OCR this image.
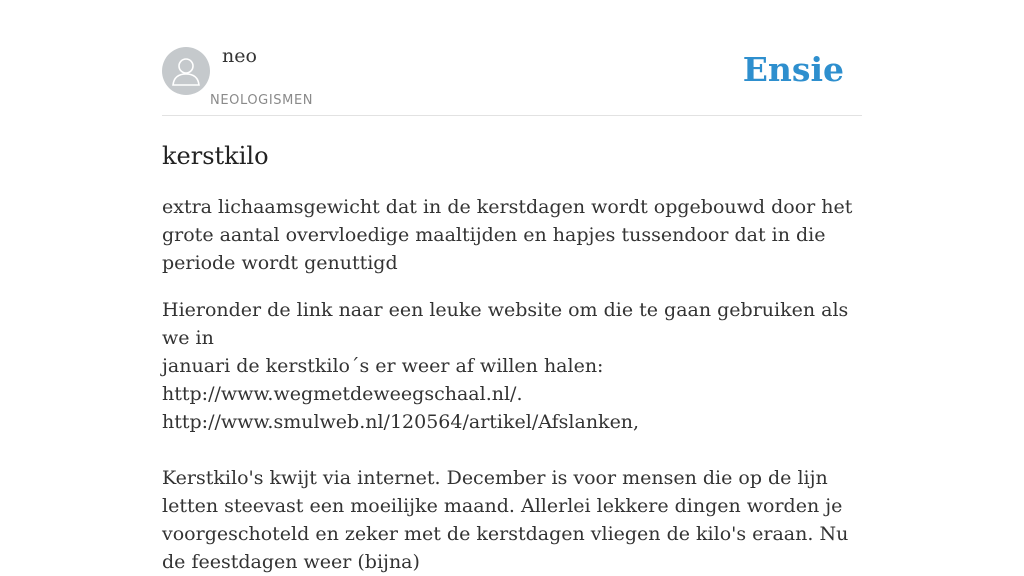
neo
NEOLOGISMEN
Ensie
kerstkilo

extra lichaamsgewicht dat in de kerstdagen wordt opgebouwd door het grote aantal overvloedige maaltijden en hapjes tussendoor dat in die periode wordt genuttigd

Hieronder de link naar een leuke website om die te gaan gebruiken als we in

januari de kerstkilo´s er weer af willen halen:

http://www.wegmetdeweegschaal.nl/.

http://www.smulweb.nl/120564/artikel/Afslanken,

Kerstkilo's kwijt via internet. December is voor mensen die op de lijn letten steevast een moeilijke maand. Allerlei lekkere dingen worden je voorgeschoteld en zeker met de kerstdagen vliegen de kilo's eraan. Nu de feestdagen weer (bijna)
